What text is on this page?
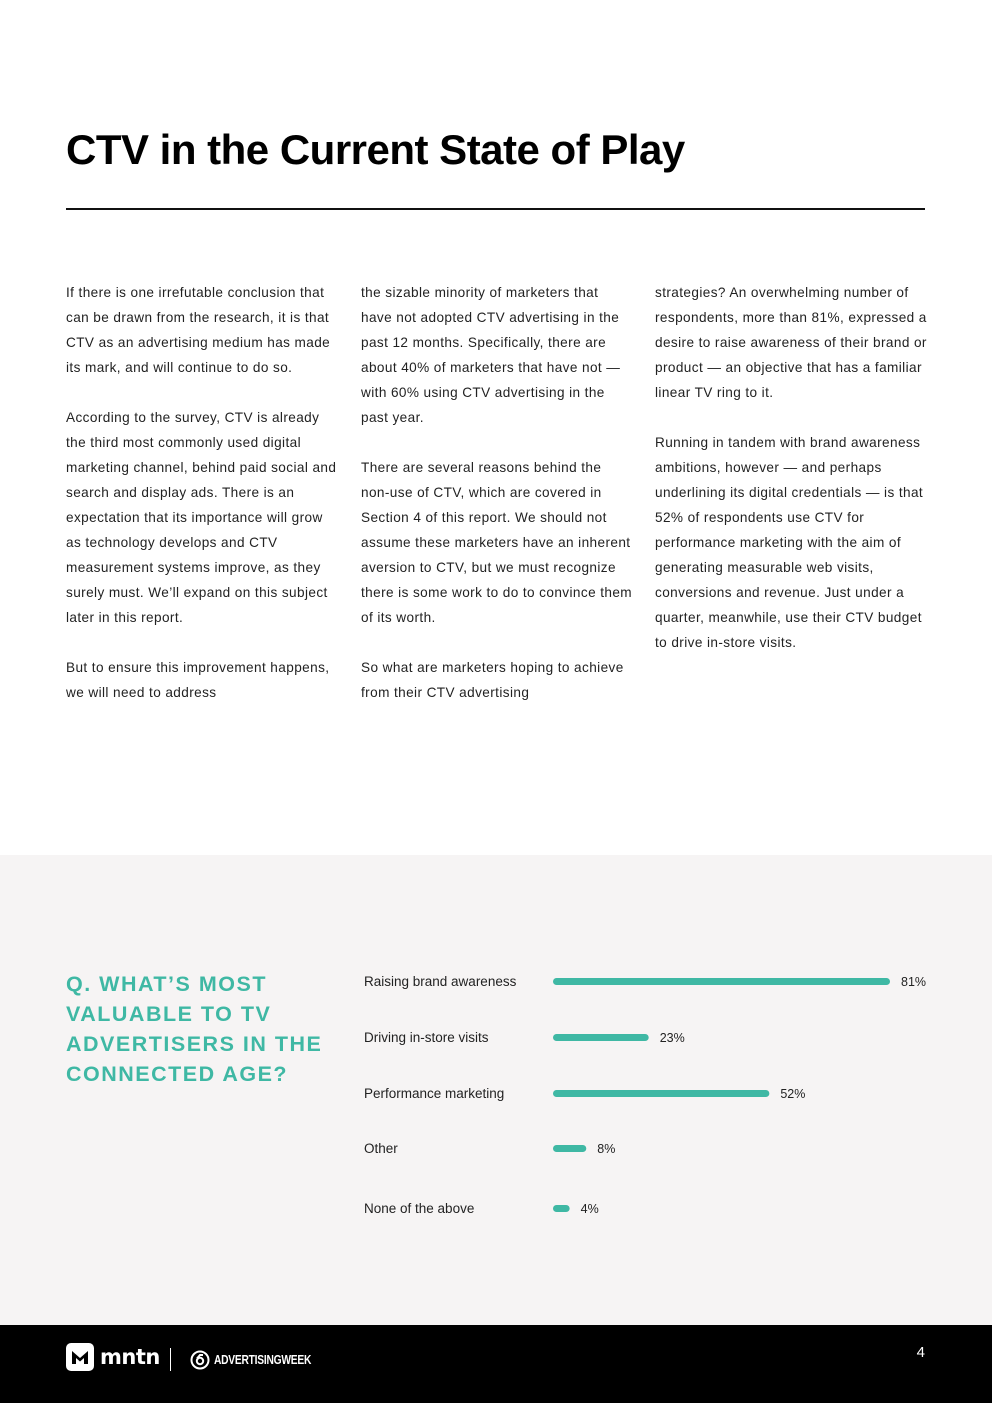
CTV in the Current State of Play

If there is one irrefutable conclusion that can be drawn from the research, it is that CTV as an advertising medium has made its mark, and will continue to do so.

According to the survey, CTV is already the third most commonly used digital marketing channel, behind paid social and search and display ads. There is an expectation that its importance will grow as technology develops and CTV measurement systems improve, as they surely must. We’ll expand on this subject later in this report.

But to ensure this improvement happens, we will need to address

the sizable minority of marketers that have not adopted CTV advertising in the past 12 months. Specifically, there are about 40% of marketers that have not — with 60% using CTV advertising in the past year.

There are several reasons behind the non-use of CTV, which are covered in Section 4 of this report. We should not assume these marketers have an inherent aversion to CTV, but we must recognize there is some work to do to convince them of its worth.

So what are marketers hoping to achieve from their CTV advertising

strategies? An overwhelming number of respondents, more than 81%, expressed a desire to raise awareness of their brand or product — an objective that has a familiar linear TV ring to it.

Running in tandem with brand awareness ambitions, however — and perhaps underlining its digital credentials — is that 52% of respondents use CTV for performance marketing with the aim of generating measurable web visits, conversions and revenue. Just under a quarter, meanwhile, use their CTV budget to drive in-store visits.

Raising brand awareness	81%
Driving in-store visits	23%
Performance marketing	52%
Other	8%
None of the above	4%
Q. WHAT’S MOST VALUABLE TO TV ADVERTISERS IN THE CONNECTED AGE?
mntn	ADVERTISINGWEEK	4
